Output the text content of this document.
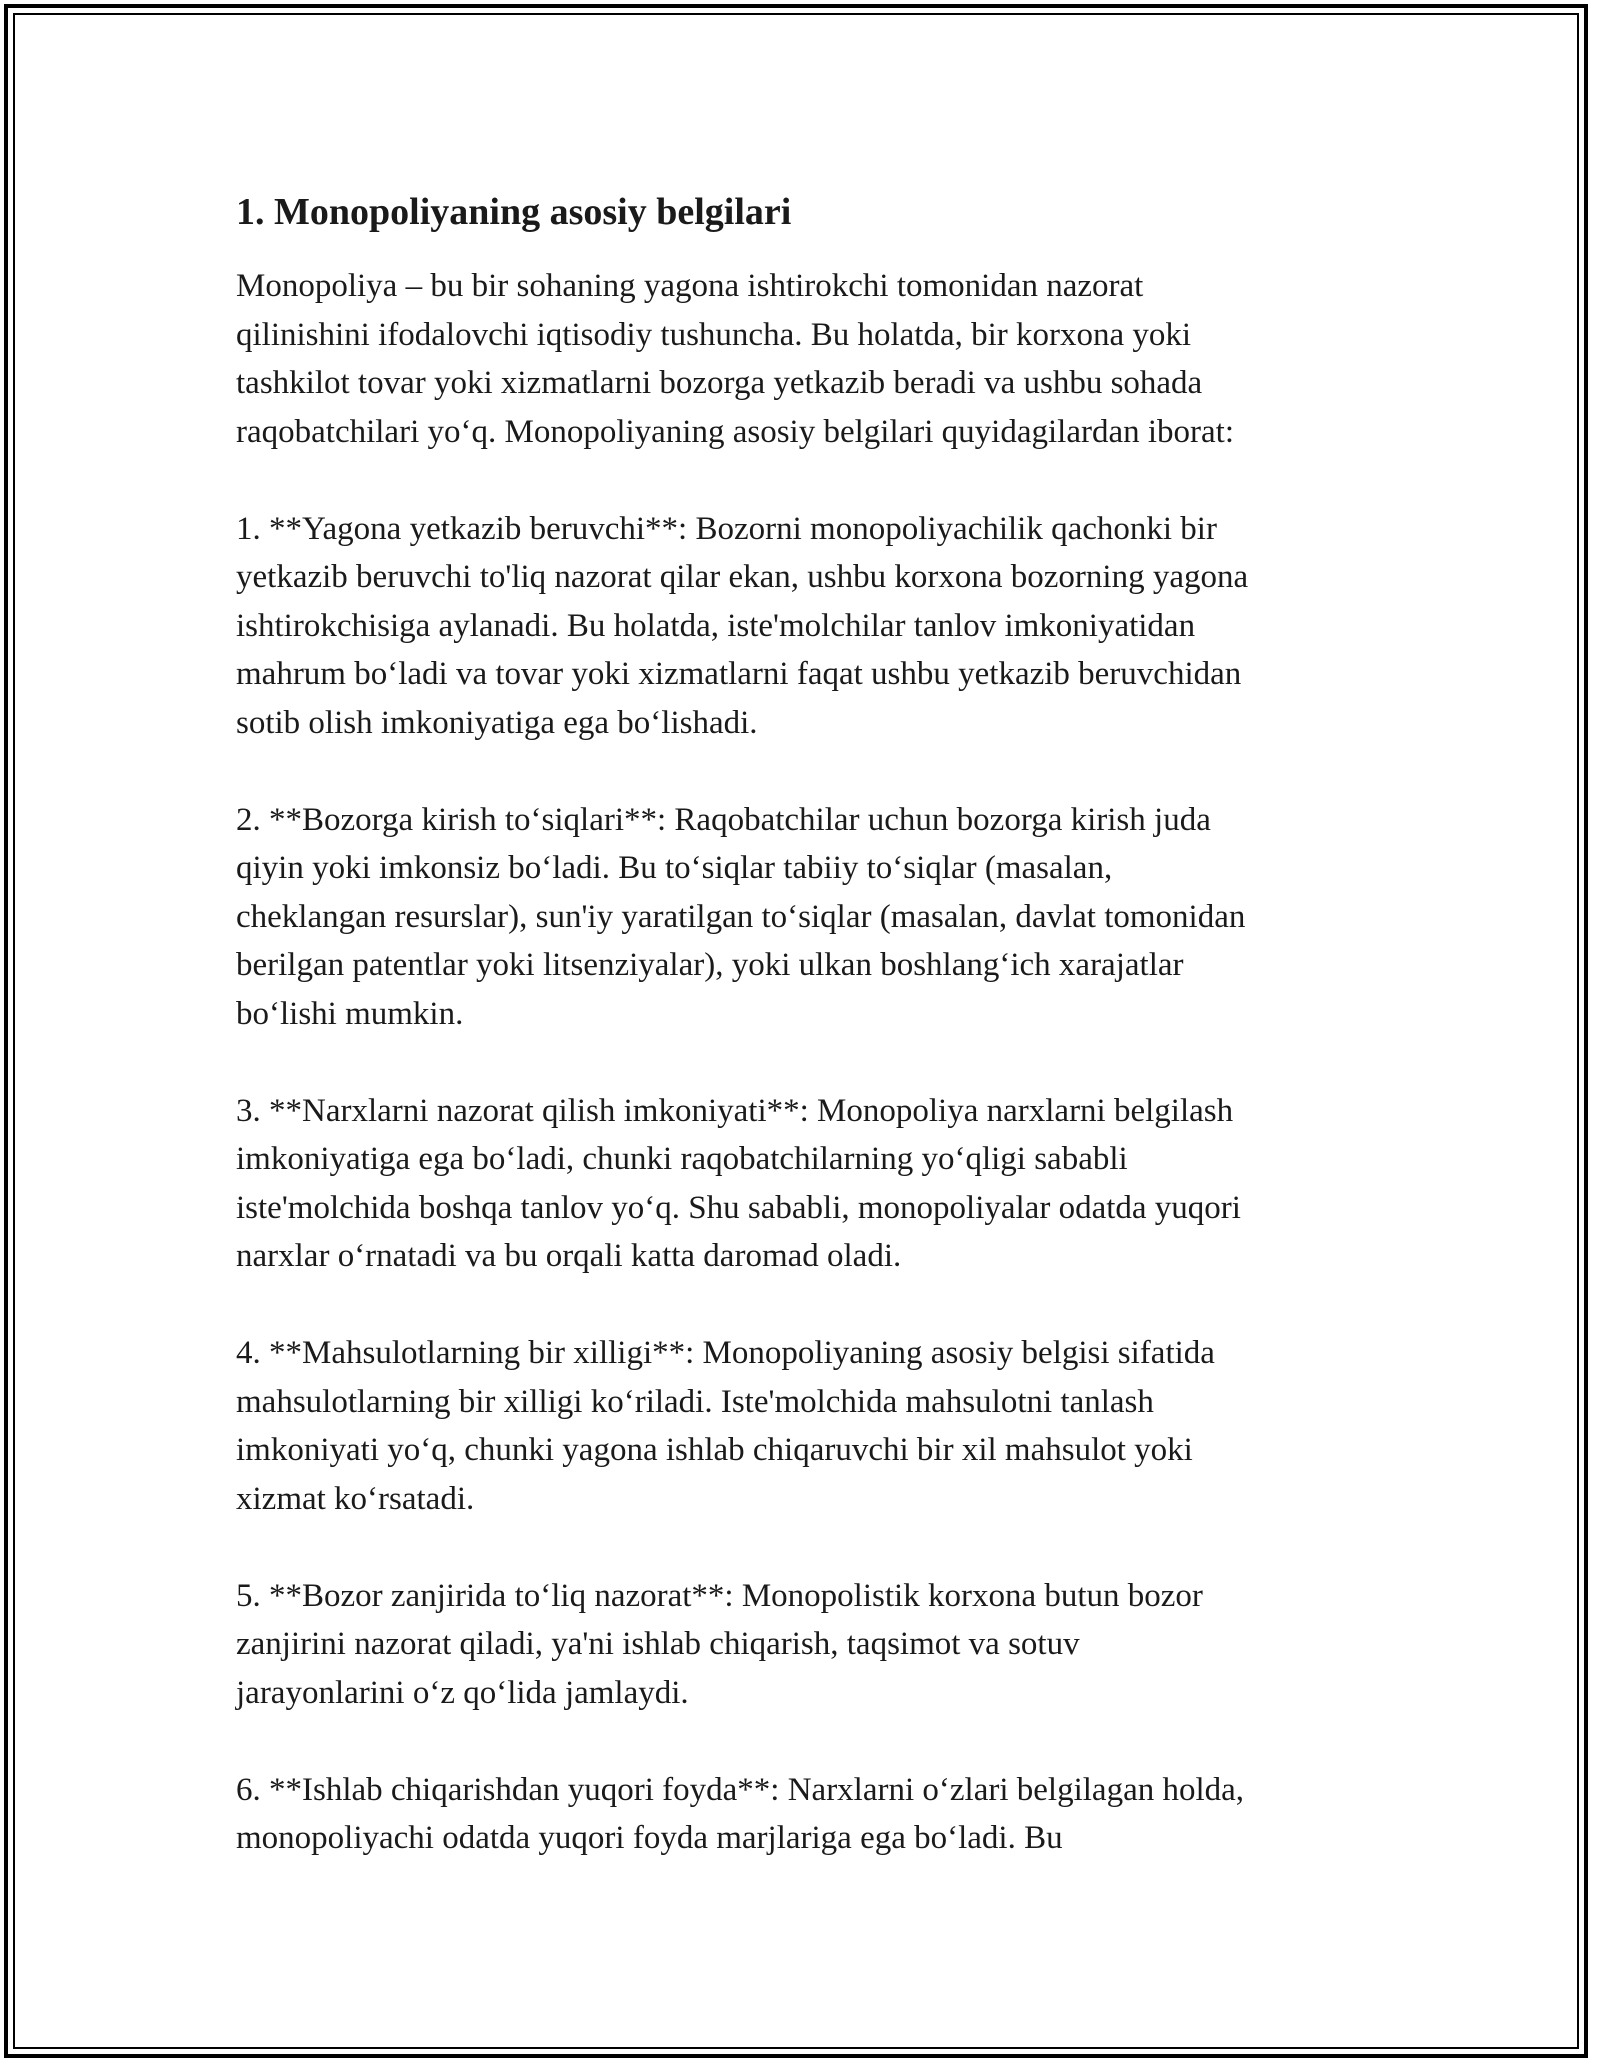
1. Monopoliyaning asosiy belgilari

Monopoliya – bu bir sohaning yagona ishtirokchi tomonidan nazorat
qilinishini ifodalovchi iqtisodiy tushuncha. Bu holatda, bir korxona yoki
tashkilot tovar yoki xizmatlarni bozorga yetkazib beradi va ushbu sohada
raqobatchilari yo‘q. Monopoliyaning asosiy belgilari quyidagilardan iborat:

1. **Yagona yetkazib beruvchi**: Bozorni monopoliyachilik qachonki bir
yetkazib beruvchi to'liq nazorat qilar ekan, ushbu korxona bozorning yagona
ishtirokchisiga aylanadi. Bu holatda, iste'molchilar tanlov imkoniyatidan
mahrum bo‘ladi va tovar yoki xizmatlarni faqat ushbu yetkazib beruvchidan
sotib olish imkoniyatiga ega bo‘lishadi.

2. **Bozorga kirish to‘siqlari**: Raqobatchilar uchun bozorga kirish juda
qiyin yoki imkonsiz bo‘ladi. Bu to‘siqlar tabiiy to‘siqlar (masalan,
cheklangan resurslar), sun'iy yaratilgan to‘siqlar (masalan, davlat tomonidan
berilgan patentlar yoki litsenziyalar), yoki ulkan boshlang‘ich xarajatlar
bo‘lishi mumkin.

3. **Narxlarni nazorat qilish imkoniyati**: Monopoliya narxlarni belgilash
imkoniyatiga ega bo‘ladi, chunki raqobatchilarning yo‘qligi sababli
iste'molchida boshqa tanlov yo‘q. Shu sababli, monopoliyalar odatda yuqori
narxlar o‘rnatadi va bu orqali katta daromad oladi.

4. **Mahsulotlarning bir xilligi**: Monopoliyaning asosiy belgisi sifatida
mahsulotlarning bir xilligi ko‘riladi. Iste'molchida mahsulotni tanlash
imkoniyati yo‘q, chunki yagona ishlab chiqaruvchi bir xil mahsulot yoki
xizmat ko‘rsatadi.

5. **Bozor zanjirida to‘liq nazorat**: Monopolistik korxona butun bozor
zanjirini nazorat qiladi, ya'ni ishlab chiqarish, taqsimot va sotuv
jarayonlarini o‘z qo‘lida jamlaydi.

6. **Ishlab chiqarishdan yuqori foyda**: Narxlarni o‘zlari belgilagan holda,
monopoliyachi odatda yuqori foyda marjlariga ega bo‘ladi. Bu
